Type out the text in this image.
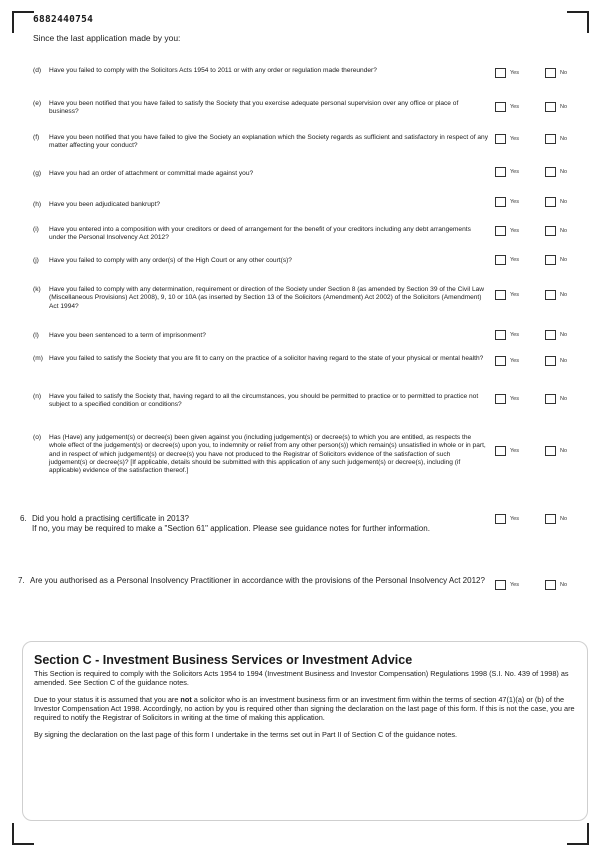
6882440754
Since the last application made by you:
(d)	Have you failed to comply with the Solicitors Acts 1954 to 2011 or with any order or regulation made thereunder?	Yes	No
(e)	Have you been notified that you have failed to satisfy the Society that you exercise adequate personal supervision over any office or place of business?
Yes	No
(f)	Have you been notified that you have failed to give the Society an explanation which the Society regards as sufficient and satisfactory in respect of any matter affecting your conduct?
Yes	No
(g)	Have you had an order of attachment or committal made against you?	Yes	No
(h)	Have you been adjudicated bankrupt?	Yes	No
(i)	Have you entered into a composition with your creditors or deed of arrangement for the benefit of your creditors including any debt arrangements under the Personal Insolvency Act 2012?
Yes	No
(j)	Have you failed to comply with any order(s) of the High Court or any other court(s)?	Yes	No
(k)	Have you failed to comply with any determination, requirement or direction of the Society under Section 8 (as amended by Section 39 of the Civil Law (Miscellaneous Provisions) Act 2008), 9, 10 or 10A (as inserted by Section 13 of the Solicitors (Amendment) Act 2002) of the Solicitors (Amendment) Act 1994?
Yes	No
(l)	Have you been sentenced to a term of imprisonment?	Yes	No
(m) Have you failed to satisfy the Society that you are fit to carry on the practice of a solicitor having regard to the state of your physical or mental health?	Yes	No
(n)	Have you failed to satisfy the Society that, having regard to all the circumstances, you should be permitted to practice or to permitted to practice not subject to a specified condition or conditions?
Yes	No
(o)	Has (Have) any judgement(s) or decree(s) been given against you (including judgement(s) or decree(s) to which you are entitled, as respects the whole effect of the judgement(s) or decree(s) upon you, to indemnity or relief from any other person(s)) which remain(s) unsatisfied in whole or in part, and in respect of which judgement(s) or decree(s) you have not produced to the Registrar of Solicitors evidence of the satisfaction of such judgement(s) or decree(s)? [If applicable, details should be submitted with this application of any such judgement(s) or decree(s), including (if applicable) evidence of the satisfaction thereof.]
Yes	No
6. Did you hold a practising certificate in 2013?
If no, you may be required to make a "Section 61" application. Please see guidance notes for further information.
Yes	No
7. Are you authorised as a Personal Insolvency Practitioner in accordance with the provisions of the Personal Insolvency Act 2012?	Yes	No
Section C - Investment Business Services or Investment Advice

This Section is required to comply with the Solicitors Acts 1954 to 1994 (Investment Business and Investor Compensation) Regulations 1998 (S.I. No. 439 of 1998) as amended. See Section C of the guidance notes.

Due to your status it is assumed that you are not a solicitor who is an investment business firm or an investment firm within the terms of section 47(1)(a) or (b) of the Investor Compensation Act 1998. Accordingly, no action by you is required other than signing the declaration on the last page of this form. If this is not the case, you are required to notify the Registrar of Solicitors in writing at the time of making this application.

By signing the declaration on the last page of this form I undertake in the terms set out in Part II of Section C of the guidance notes.
